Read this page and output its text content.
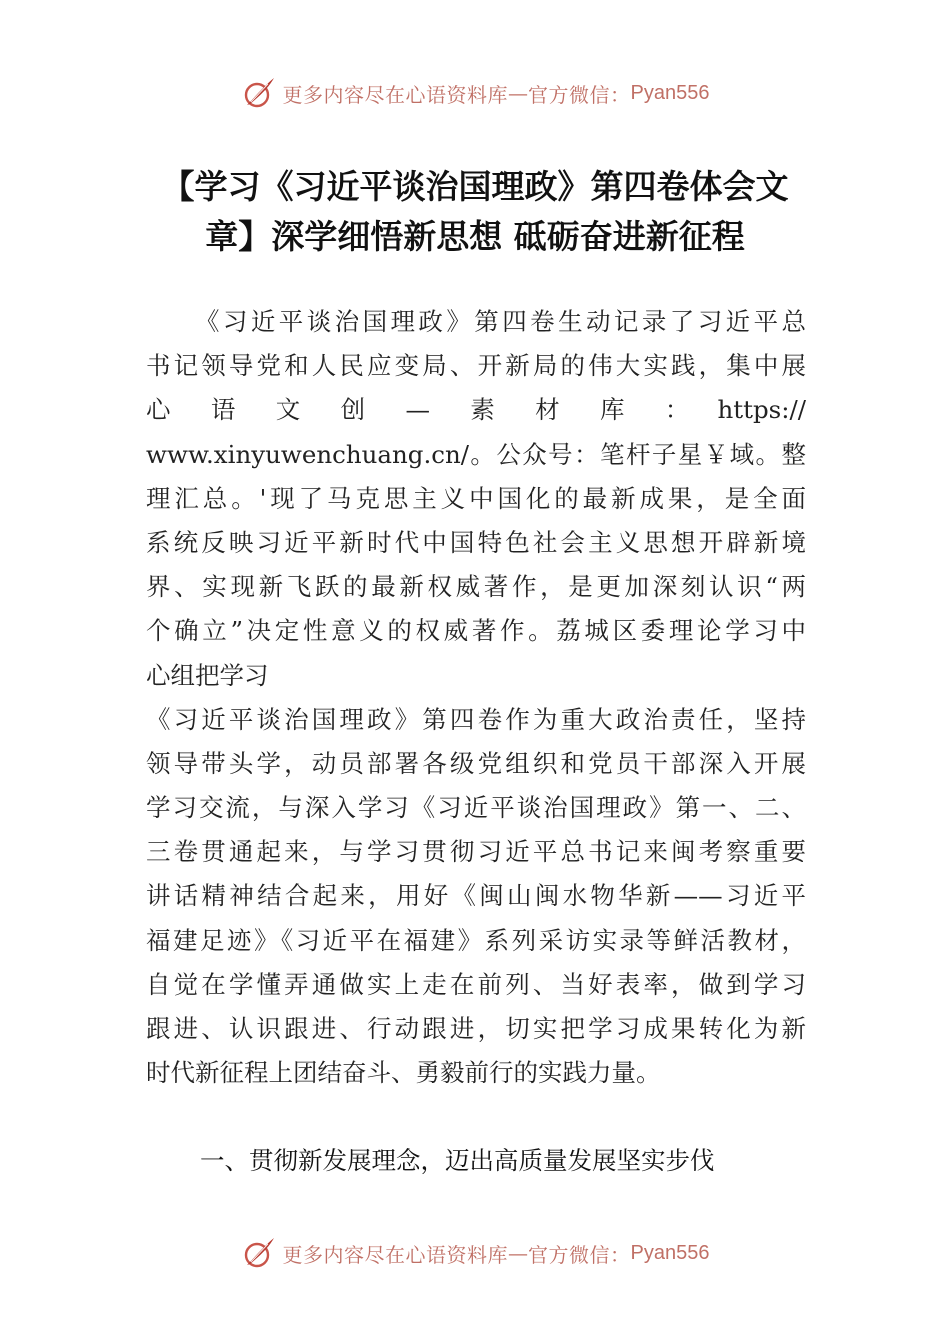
更多内容尽在心语资料库 — 官方微信： Pyan556
【学习《习近平谈治国理政》第四卷体会文
章】深学细悟新思想 砥砺奋进新征程
《习近平谈治国理政》第四卷生动记录了习近平总
书记领导党和人民应变局、开新局的伟大实践，集中展
心　语　文　创　—　素　材　库　：　https://
www.xinyuwenchuang.cn/。公众号：笔杆子星￥域。整
理汇总。'现了马克思主义中国化的最新成果，是全面
系统反映习近平新时代中国特色社会主义思想开辟新境
界、实现新飞跃的最新权威著作，是更加深刻认识“两
个确立”决定性意义的权威著作。荔城区委理论学习中
心组把学习
《习近平谈治国理政》第四卷作为重大政治责任，坚持
领导带头学，动员部署各级党组织和党员干部深入开展
学习交流，与深入学习《习近平谈治国理政》第一、二、
三卷贯通起来，与学习贯彻习近平总书记来闽考察重要
讲话精神结合起来，用好《闽山闽水物华新——习近平
福建足迹》《习近平在福建》系列采访实录等鲜活教材，
自觉在学懂弄通做实上走在前列、当好表率，做到学习
跟进、认识跟进、行动跟进，切实把学习成果转化为新
时代新征程上团结奋斗、勇毅前行的实践力量。
一、贯彻新发展理念，迈出高质量发展坚实步伐
更多内容尽在心语资料库 — 官方微信： Pyan556
